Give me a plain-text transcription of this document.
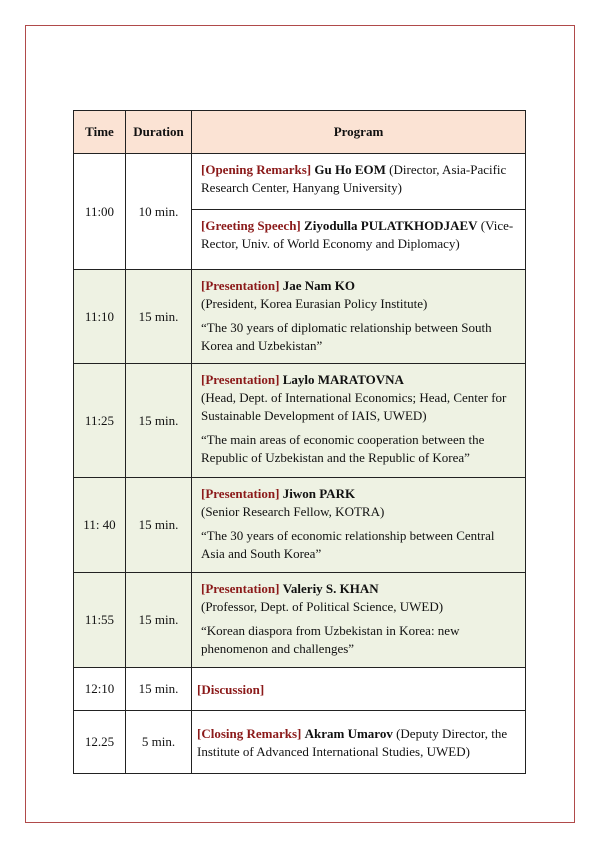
Time	Duration	Program
11:00	10 min.	[Opening Remarks] Gu Ho EOM (Director, Asia-Pacific Research Center, Hanyang University)
[Greeting Speech] Ziyodulla PULATKHODJAEV (Vice-Rector, Univ. of World Economy and Diplomacy)

11:10	15 min.	[Presentation] Jae Nam KO
(President, Korea Eurasian Policy Institute)
“The 30 years of diplomatic relationship between South Korea and Uzbekistan”

11:25	15 min.	[Presentation] Laylo MARATOVNA
(Head, Dept. of International Economics; Head, Center for Sustainable Development of IAIS, UWED)
“The main areas of economic cooperation between the Republic of Uzbekistan and the Republic of Korea”

11: 40	15 min.	[Presentation] Jiwon PARK
(Senior Research Fellow, KOTRA)
“The 30 years of economic relationship between Central Asia and South Korea”

11:55	15 min.	[Presentation] Valeriy S. KHAN
(Professor, Dept. of Political Science, UWED)
“Korean diaspora from Uzbekistan in Korea: new phenomenon and challenges”

12:10	15 min.	[Discussion]

12.25	5 min.	[Closing Remarks] Akram Umarov (Deputy Director, the Institute of Advanced International Studies, UWED)
